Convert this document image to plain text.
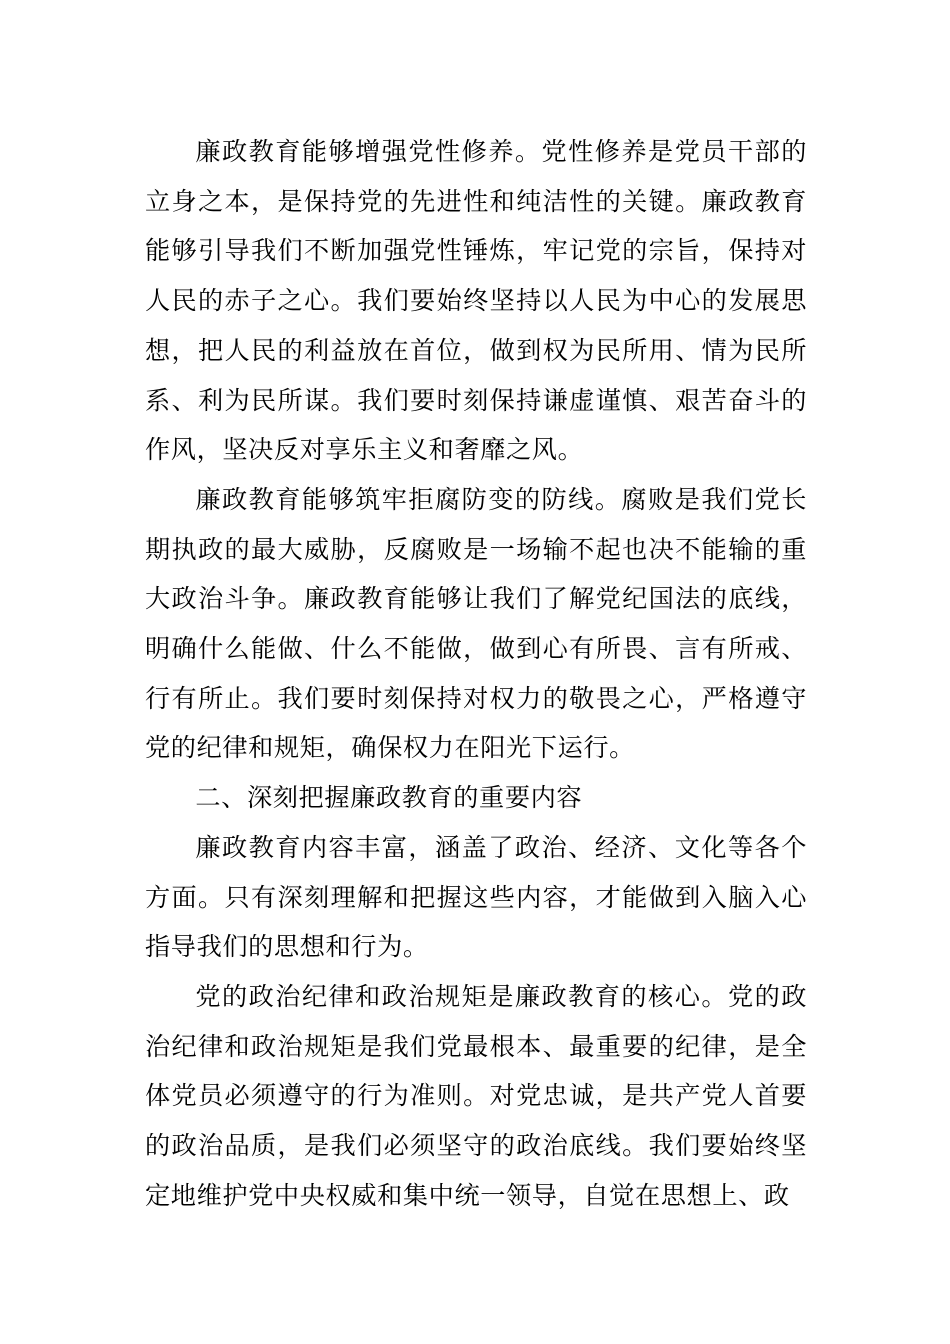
廉政教育能够增强党性修养。党性修养是党员干部的立身之本，是保持党的先进性和纯洁性的关键。廉政教育能够引导我们不断加强党性锤炼，牢记党的宗旨，保持对人民的赤子之心。我们要始终坚持以人民为中心的发展思想，把人民的利益放在首位，做到权为民所用、情为民所系、利为民所谋。我们要时刻保持谦虚谨慎、艰苦奋斗的作风，坚决反对享乐主义和奢靡之风。

廉政教育能够筑牢拒腐防变的防线。腐败是我们党长期执政的最大威胁，反腐败是一场输不起也决不能输的重大政治斗争。廉政教育能够让我们了解党纪国法的底线，明确什么能做、什么不能做，做到心有所畏、言有所戒、行有所止。我们要时刻保持对权力的敬畏之心，严格遵守党的纪律和规矩，确保权力在阳光下运行。

二、深刻把握廉政教育的重要内容

廉政教育内容丰富，涵盖了政治、经济、文化等各个方面。只有深刻理解和把握这些内容，才能做到入脑入心指导我们的思想和行为。

党的政治纪律和政治规矩是廉政教育的核心。党的政治纪律和政治规矩是我们党最根本、最重要的纪律，是全体党员必须遵守的行为准则。对党忠诚，是共产党人首要的政治品质，是我们必须坚守的政治底线。我们要始终坚定地维护党中央权威和集中统一领导，自觉在思想上、政
